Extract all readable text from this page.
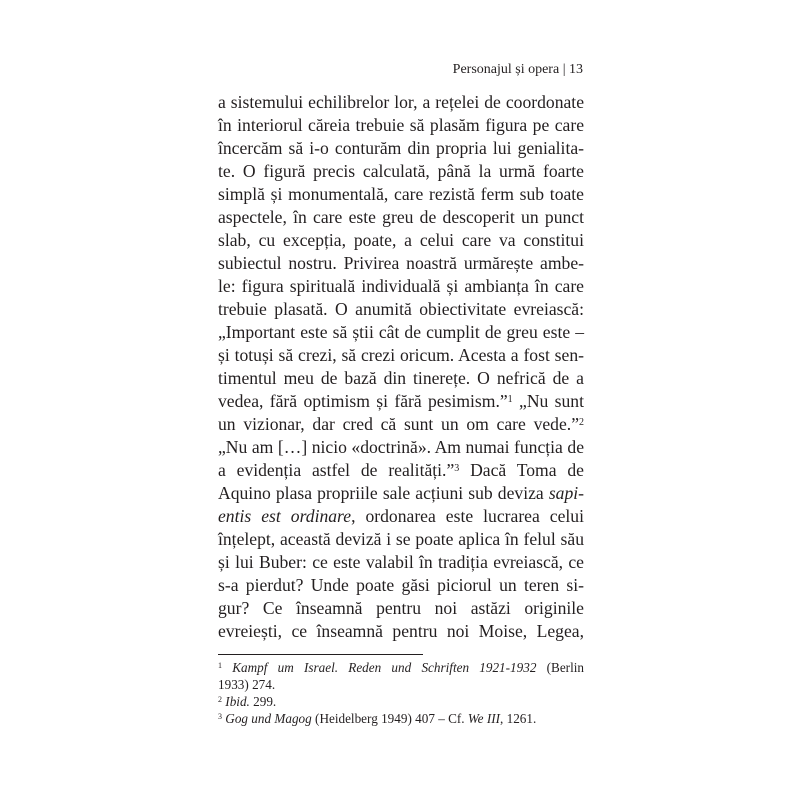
Personajul și opera | 13
a sistemului echilibrelor lor, a rețelei de coordonate
în interiorul căreia trebuie să plasăm figura pe care
încercăm să i-o conturăm din propria lui genialita-
te. O figură precis calculată, până la urmă foarte
simplă și monumentală, care rezistă ferm sub toate
aspectele, în care este greu de descoperit un punct
slab, cu excepția, poate, a celui care va constitui
subiectul nostru. Privirea noastră urmărește ambe-
le: figura spirituală individuală și ambianța în care
trebuie plasată. O anumită obiectivitate evreiască:
„Important este să știi cât de cumplit de greu este –
și totuși să crezi, să crezi oricum. Acesta a fost sen-
timentul meu de bază din tinerețe. O nefrică de a
vedea, fără optimism și fără pesimism.”$^1$ „Nu sunt
un vizionar, dar cred că sunt un om care vede.”$^2$
„Nu am […] nicio «doctrină». Am numai funcția de
a evidenția astfel de realități.”$^3$ Dacă Toma de
Aquino plasa propriile sale acțiuni sub deviza sapi-
entis est ordinare, ordonarea este lucrarea celui
înțelept, această deviză i se poate aplica în felul său
și lui Buber: ce este valabil în tradiția evreiască, ce
s-a pierdut? Unde poate găsi piciorul un teren si-
gur? Ce înseamnă pentru noi astăzi originile
evreiești, ce înseamnă pentru noi Moise, Legea,
$^1$ Kampf um Israel. Reden und Schriften 1921-1932 (Berlin
1933) 274.
$^2$ Ibid. 299.
$^3$ Gog und Magog (Heidelberg 1949) 407 – Cf. We III, 1261.
